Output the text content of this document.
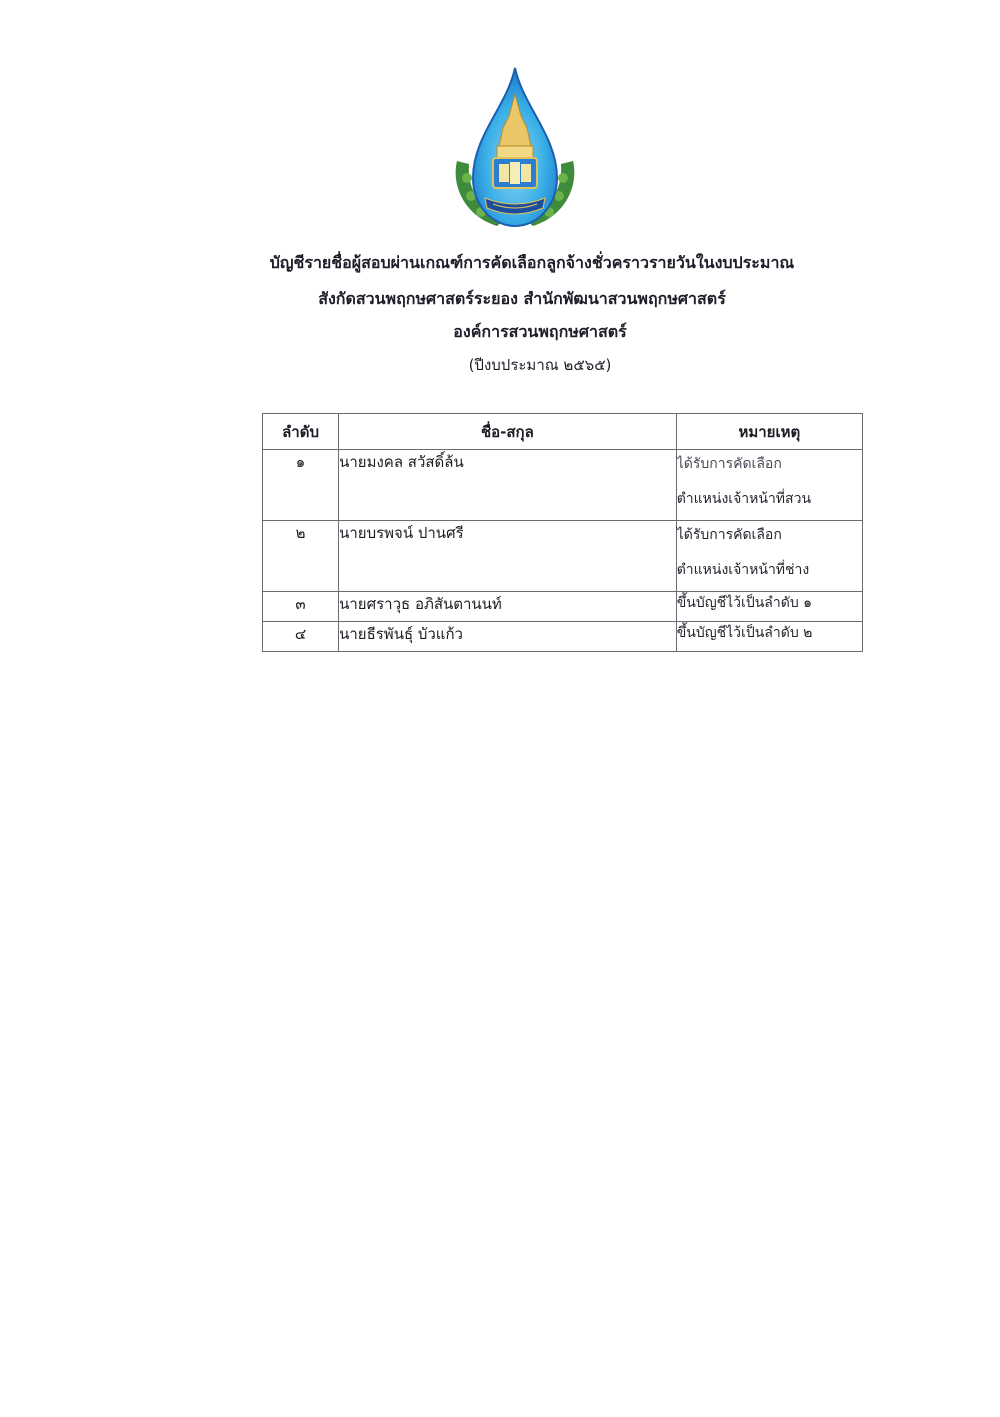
บัญชีรายชื่อผู้สอบผ่านเกณฑ์การคัดเลือกลูกจ้างชั่วคราวรายวันในงบประมาณ
สังกัดสวนพฤกษศาสตร์ระยอง สำนักพัฒนาสวนพฤกษศาสตร์
องค์การสวนพฤกษศาสตร์
(ปีงบประมาณ ๒๕๖๕)
ลำดับ	ชื่อ-สกุล	หมายเหตุ
๑	นายมงคล สวัสดิ์ล้น	ได้รับการคัดเลือก
ตำแหน่งเจ้าหน้าที่สวน

๒	นายบรพจน์ ปานศรี	ได้รับการคัดเลือก
ตำแหน่งเจ้าหน้าที่ช่าง

๓	นายศราวุธ อภิสันตานนท์	ขึ้นบัญชีไว้เป็นลำดับ ๑
๔	นายธีรพันธุ์ บัวแก้ว	ขึ้นบัญชีไว้เป็นลำดับ ๒
